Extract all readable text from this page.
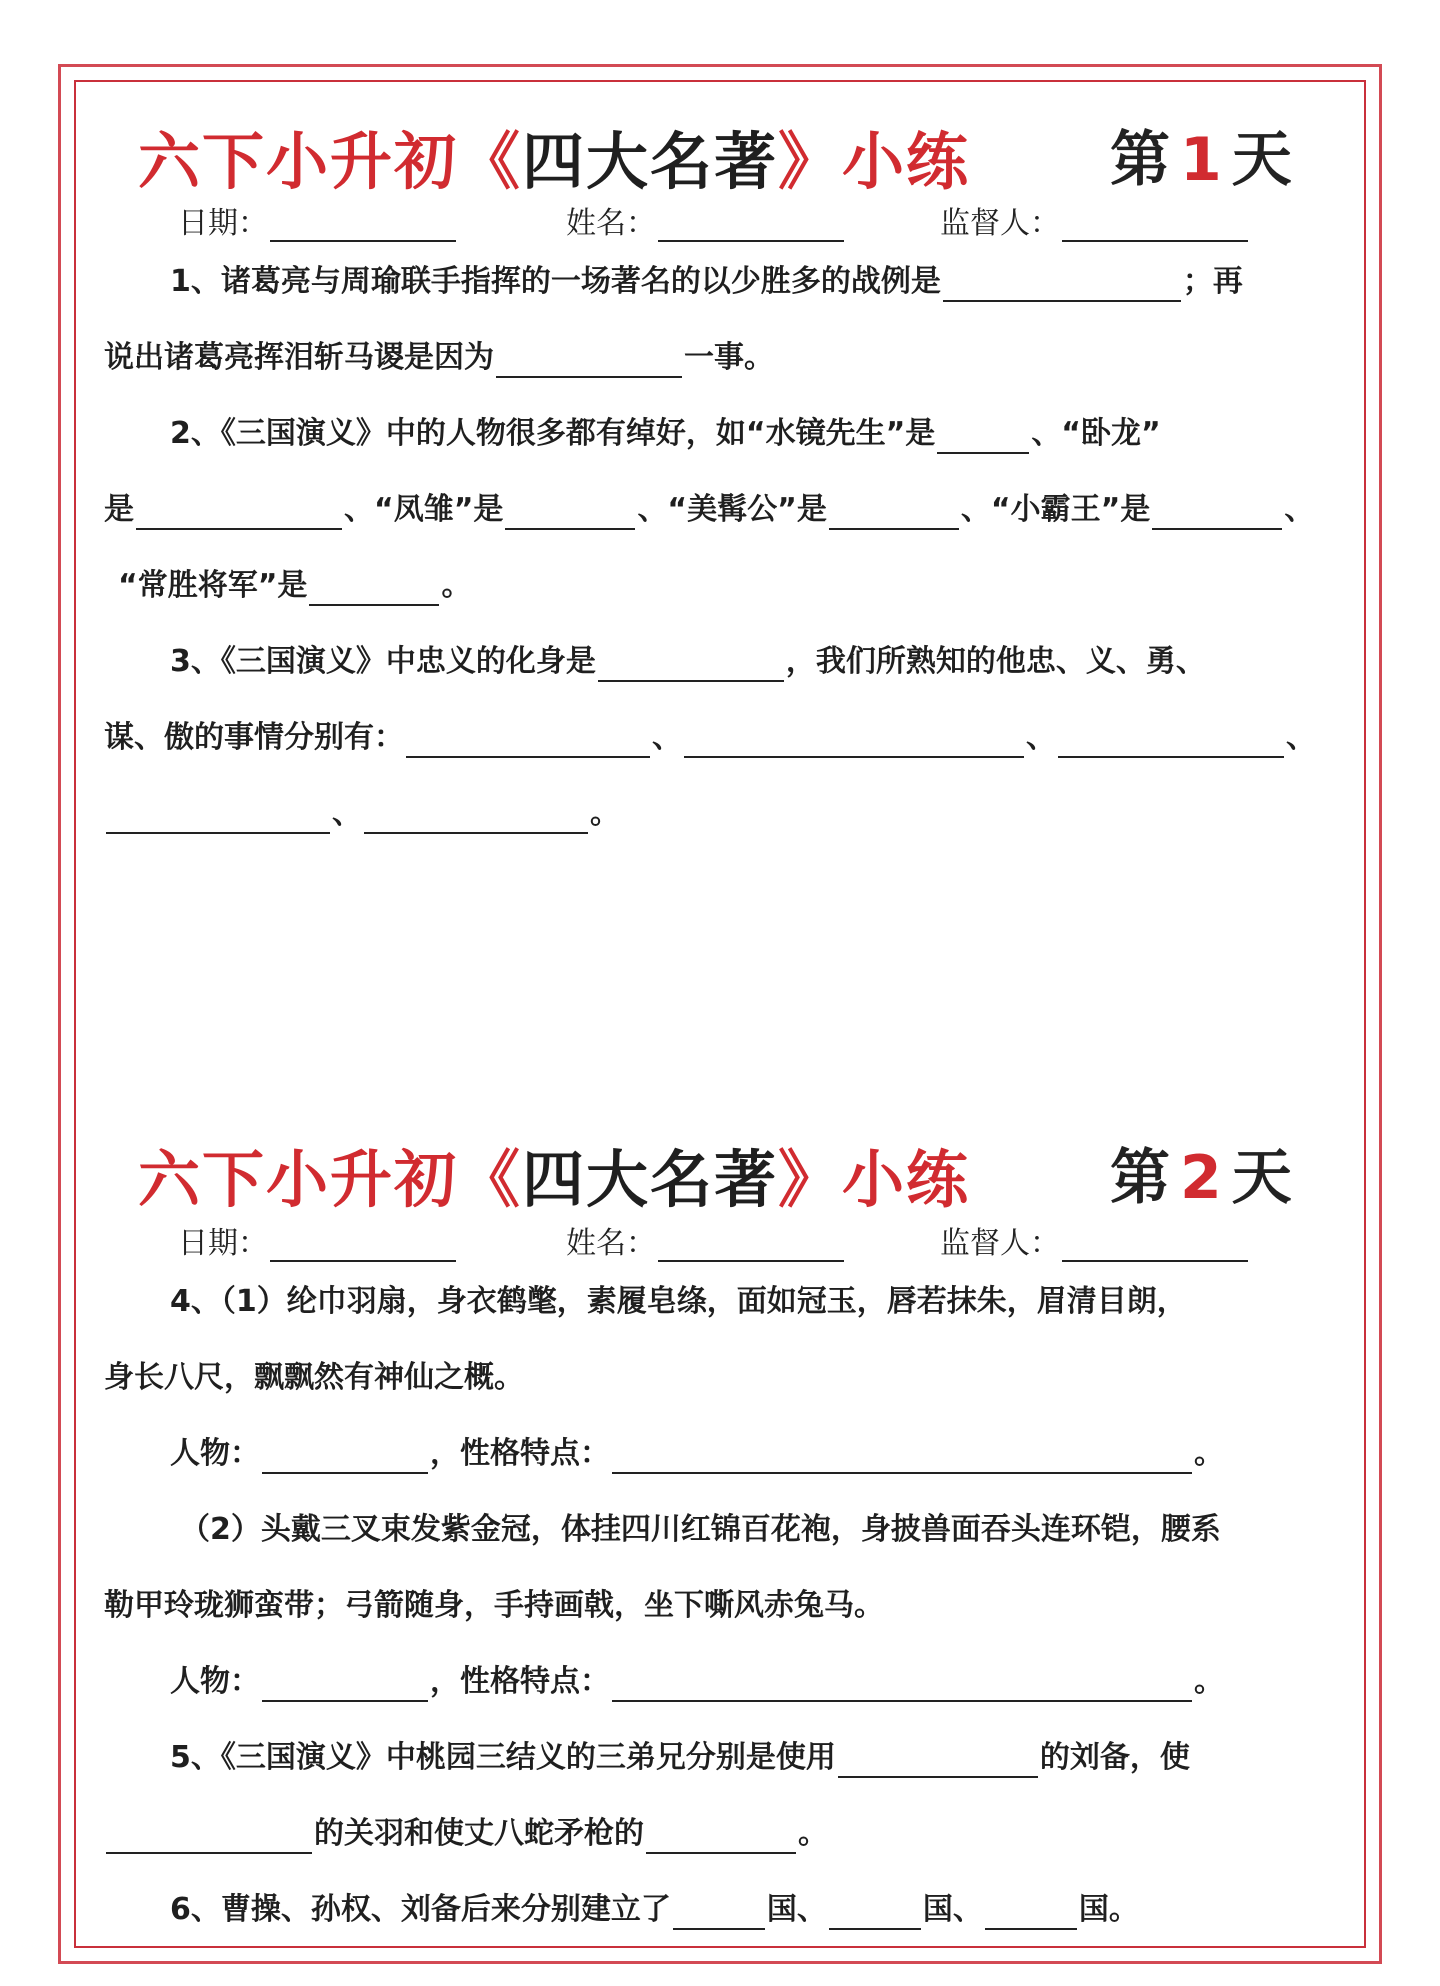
六下小升初《四大名著》小练 第 1 天
日期：	姓名：	监督人：
1、诸葛亮与周瑜联手指挥的一场著名的以少胜多的战例是	；再
说出诸葛亮挥泪斩马谡是因为	一事。
2、《三国演义》中的人物很多都有绰好，如“水镜先生”是	、“卧龙”
是	、“凤雏”是	、“美髯公”是	、“小霸王”是	、
“常胜将军”是	。
3、《三国演义》中忠义的化身是	，我们所熟知的他忠、义、勇、
谋、傲的事情分别有：	、	、	、
、	。
六下小升初《四大名著》小练 第 2 天
日期：	姓名：	监督人：
4、（1）纶巾羽扇，身衣鹤氅，素履皂绦，面如冠玉，唇若抹朱，眉清目朗，
身长八尺，飘飘然有神仙之概。
人物：	，性格特点：	。
（2）头戴三叉束发紫金冠，体挂四川红锦百花袍，身披兽面吞头连环铠，腰系
勒甲玲珑狮蛮带；弓箭随身，手持画戟，坐下嘶风赤兔马。
人物：	，性格特点：	。
5、《三国演义》中桃园三结义的三弟兄分别是使用	的刘备，使
的关羽和使丈八蛇矛枪的	。
6、曹操、孙权、刘备后来分别建立了	国、	国、	国。
